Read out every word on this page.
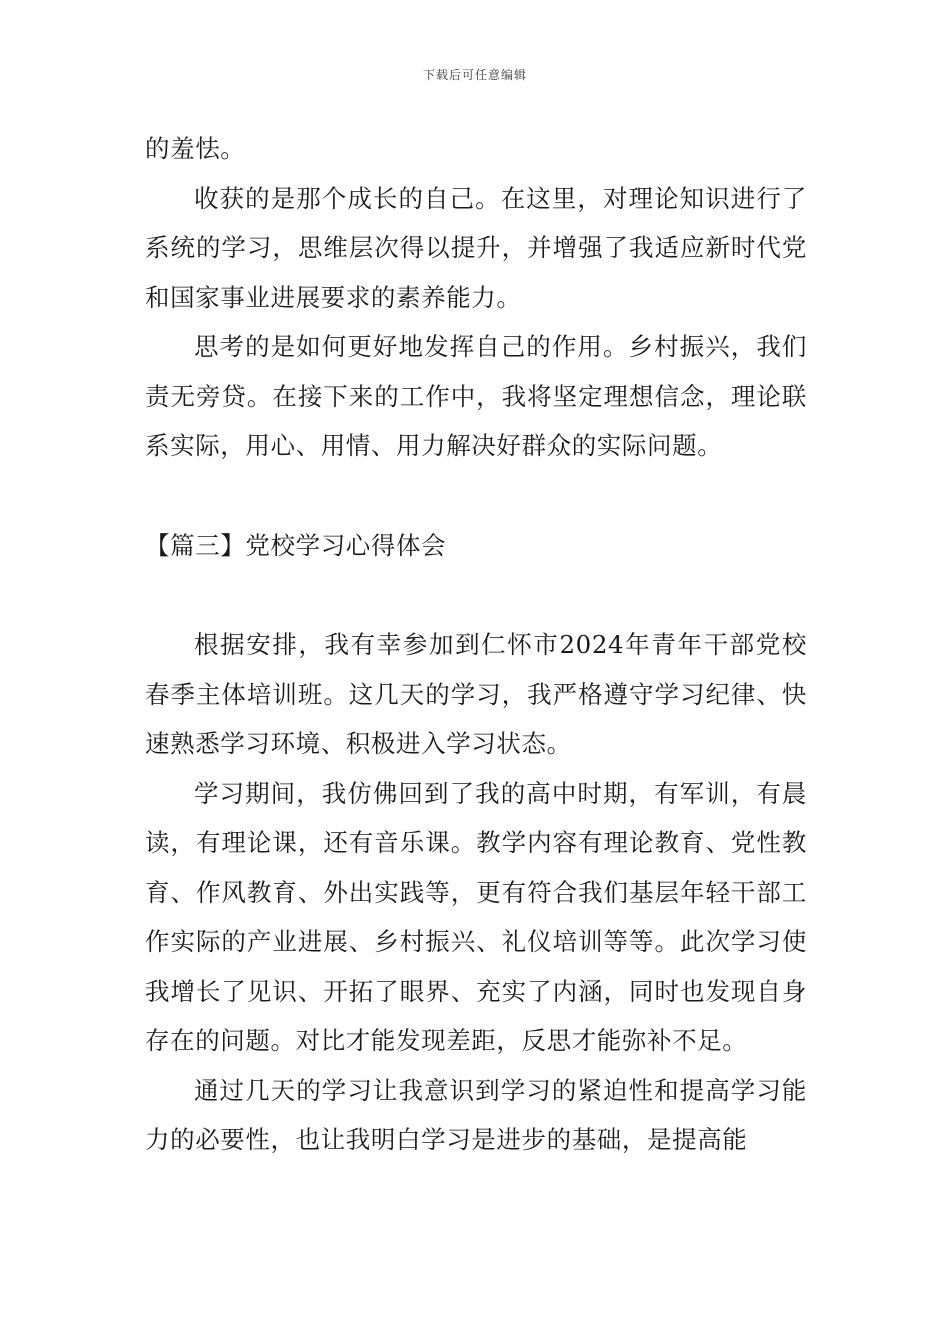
下载后可任意编辑

的羞怯。

收获的是那个成长的自己。在这里，对理论知识进行了系统的学习，思维层次得以提升，并增强了我适应新时代党和国家事业进展要求的素养能力。

思考的是如何更好地发挥自己的作用。乡村振兴，我们责无旁贷。在接下来的工作中，我将坚定理想信念，理论联系实际，用心、用情、用力解决好群众的实际问题。

【篇三】党校学习心得体会

根据安排，我有幸参加到仁怀市2024年青年干部党校春季主体培训班。这几天的学习，我严格遵守学习纪律、快速熟悉学习环境、积极进入学习状态。

学习期间，我仿佛回到了我的高中时期，有军训，有晨读，有理论课，还有音乐课。教学内容有理论教育、党性教育、作风教育、外出实践等，更有符合我们基层年轻干部工作实际的产业进展、乡村振兴、礼仪培训等等。此次学习使我增长了见识、开拓了眼界、充实了内涵，同时也发现自身存在的问题。对比才能发现差距，反思才能弥补不足。

通过几天的学习让我意识到学习的紧迫性和提高学习能力的必要性，也让我明白学习是进步的基础，是提高能
